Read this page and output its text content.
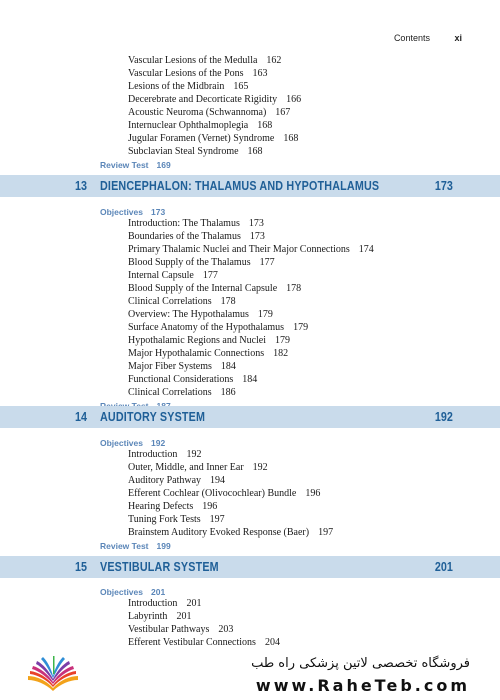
Contents	xi
Vascular Lesions of the Medulla 162
Vascular Lesions of the Pons 163
Lesions of the Midbrain 165
Decerebrate and Decorticate Rigidity 166
Acoustic Neuroma (Schwannoma) 167
Internuclear Ophthalmoplegia 168
Jugular Foramen (Vernet) Syndrome 168
Subclavian Steal Syndrome 168
Review Test 169
13 DIENCEPHALON: THALAMUS AND HYPOTHALAMUS	173
Objectives 173
Introduction: The Thalamus 173
Boundaries of the Thalamus 173
Primary Thalamic Nuclei and Their Major Connections 174
Blood Supply of the Thalamus 177
Internal Capsule 177
Blood Supply of the Internal Capsule 178
Clinical Correlations 178
Overview: The Hypothalamus 179
Surface Anatomy of the Hypothalamus 179
Hypothalamic Regions and Nuclei 179
Major Hypothalamic Connections 182
Major Fiber Systems 184
Functional Considerations 184
Clinical Correlations 186
14 AUDITORY SYSTEM	192
Objectives 192
Introduction 192
Outer, Middle, and Inner Ear 192
Auditory Pathway 194
Efferent Cochlear (Olivocochlear) Bundle 196
Hearing Defects 196
Tuning Fork Tests 197
Brainstem Auditory Evoked Response (Baer) 197
Review Test 199
15 VESTIBULAR SYSTEM	201
Objectives 201
Introduction 201
Labyrinth 201
Vestibular Pathways 203
Efferent Vestibular Connections 204
فروشگاه تخصصی لاتین پزشکی راه طب
www.RaheTeb.com
